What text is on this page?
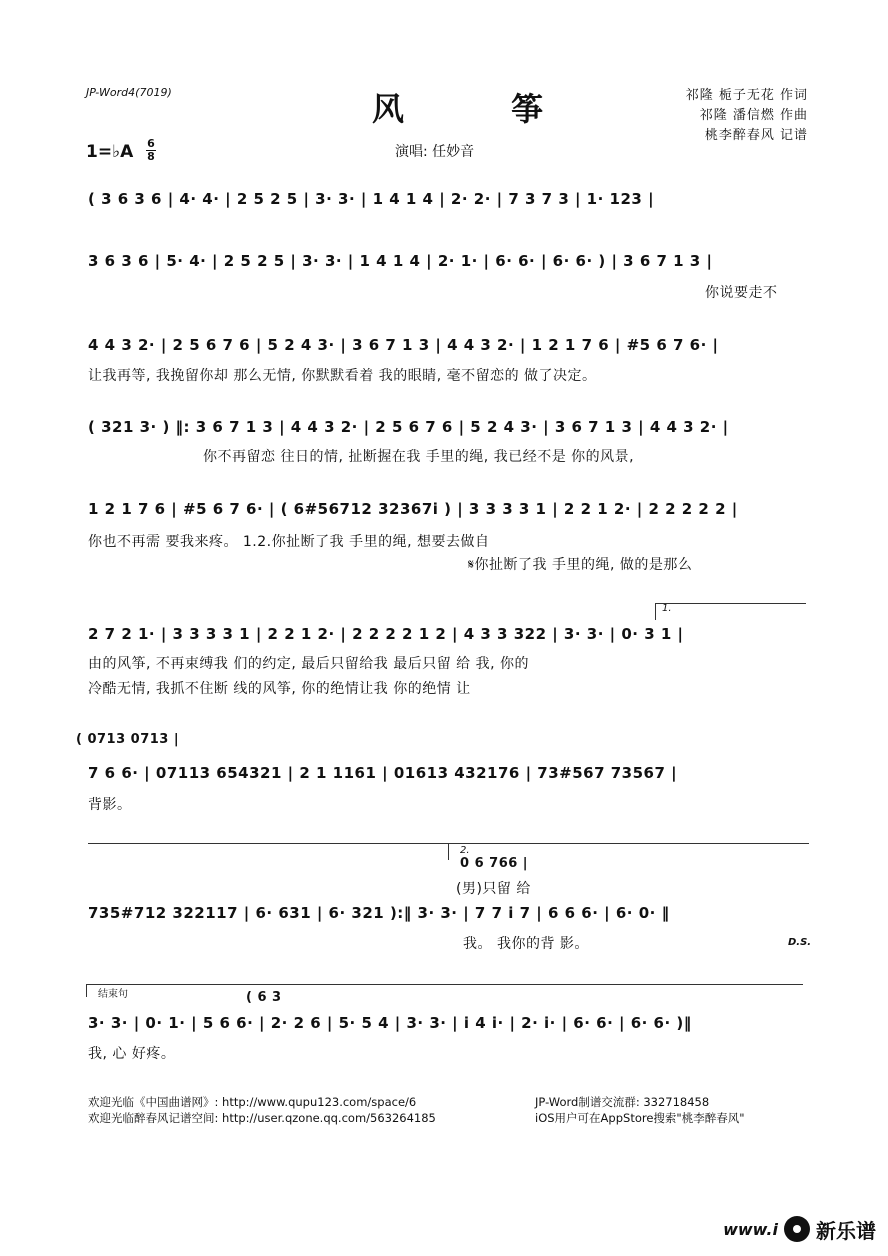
JP-Word4(7019)	风 筝
1=♭A 6
8	演唱: 任妙音
祁隆 栀子无花 作词
祁隆 潘信燃 作曲
桃李醉春风 记谱
( 3 6 3 6 | 4· 4· | 2 5 2 5 | 3· 3· | 1 4 1 4 | 2· 2· | 7 3 7 3 | 1· 123 |
3 6 3 6 | 5· 4· | 2 5 2 5 | 3· 3· | 1 4 1 4 | 2· 1· | 6· 6· | 6· 6· ) | 3 6 7 1 3 |
你说要走不
4 4 3 2· | 2 5 6 7 6 | 5 2 4 3· | 3 6 7 1 3 | 4 4 3 2· | 1 2 1 7 6 | #5 6 7 6· |
让我再等, 我挽留你却 那么无情, 你默默看着 我的眼睛, 毫不留恋的 做了决定。
( 321 3· ) ‖: 3 6 7 1 3 | 4 4 3 2· | 2 5 6 7 6 | 5 2 4 3· | 3 6 7 1 3 | 4 4 3 2· |
你不再留恋 往日的情, 扯断握在我 手里的绳, 我已经不是 你的风景,
1 2 1 7 6 | #5 6 7 6· | ( 6#56712 32367i ) | 3 3 3 3 1 | 2 2 1 2· | 2 2 2 2 2 |
你也不再需 要我来疼。 1.2.你扯断了我 手里的绳, 想要去做自
𝄋你扯断了我 手里的绳, 做的是那么
1.
2 7 2 1· | 3 3 3 3 1 | 2 2 1 2· | 2 2 2 2 1 2 | 4 3 3 322 | 3· 3· | 0· 3 1 |
由的风筝, 不再束缚我 们的约定, 最后只留给我 最后只留 给 我, 你的
冷酷无情, 我抓不住断 线的风筝, 你的绝情让我 你的绝情 让
( 0713 0713 |
7 6 6· | 07113 654321 | 2 1 1161 | 01613 432176 | 73#567 73567 |
背影。
2.
0 6 766 |
(男)只留 给
735#712 322117 | 6· 631 | 6· 321 ):‖ 3· 3· | 7 7 i 7 | 6 6 6· | 6· 0· ‖
我。 我你的背 影。	D.S.
结束句	( 6 3
3· 3· | 0· 1· | 5 6 6· | 2· 2 6 | 5· 5 4 | 3· 3· | i 4 i· | 2· i· | 6· 6· | 6· 6· )‖
我, 心 好疼。
欢迎光临《中国曲谱网》: http://www.qupu123.com/space/6
欢迎光临醉春风记谱空间: http://user.qzone.qq.com/563264185
JP-Word制谱交流群: 332718458
iOS用户可在AppStore搜索"桃李醉春风"
www.i 新乐谱
